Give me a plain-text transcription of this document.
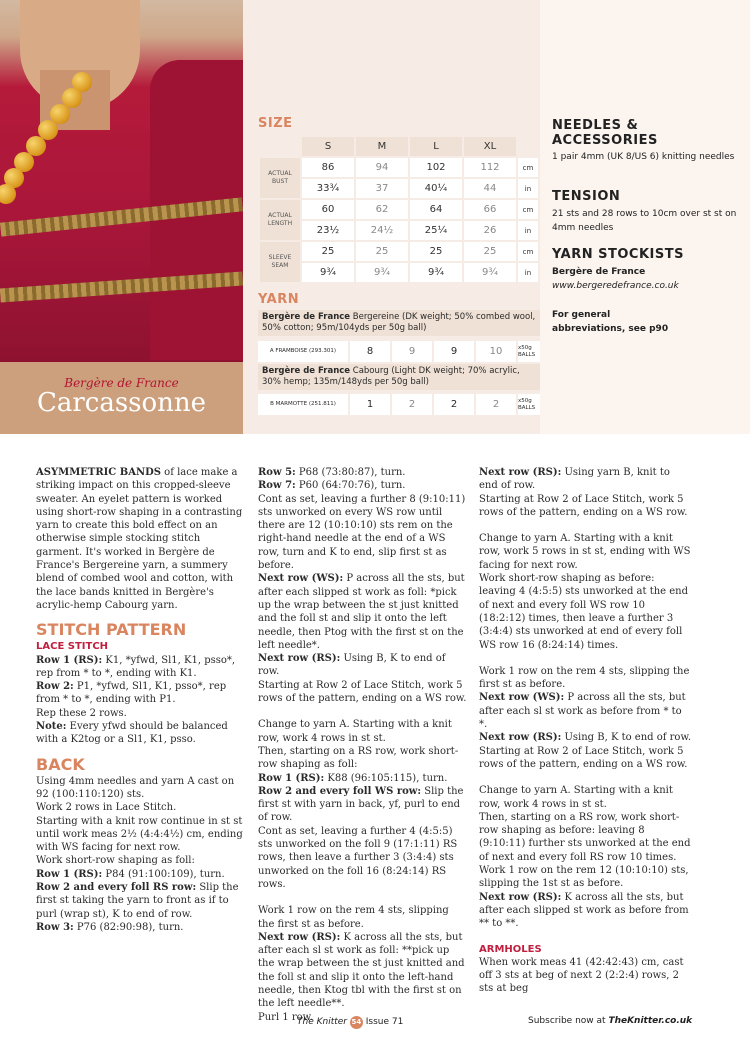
Bergère de France
Carcassonne
SIZE
	S	M	L	XL	
ACTUAL BUST	86	94	102	112	cm
	33¾	37	40¼	44	in
ACTUAL LENGTH	60	62	64	66	cm
	23½	24½	25¼	26	in
SLEEVE SEAM	25	25	25	25	cm
	9¾	9¾	9¾	9¾	in
YARN
Bergère de France Bergereine (DK weight; 50% combed wool, 50% cotton; 95m/104yds per 50g ball)
A FRAMBOISE (293.301)	8	9	9	10	x50g BALLS
Bergère de France Cabourg (Light DK weight; 70% acrylic, 30% hemp; 135m/148yds per 50g ball)
B MARMOTTE (251.811)	1	2	2	2	x50g BALLS
NEEDLES & ACCESSORIES
1 pair 4mm (UK 8/US 6) knitting needles
TENSION
21 sts and 28 rows to 10cm over st st on 4mm needles
YARN STOCKISTS
Bergère de France
www.bergeredefrance.co.uk
For general abbreviations, see p90

ASYMMETRIC BANDS of lace make a striking impact on this cropped-sleeve sweater. An eyelet pattern is worked using short-row shaping in a contrasting yarn to create this bold effect on an otherwise simple stocking stitch garment. It's worked in Bergère de France's Bergereine yarn, a summery blend of combed wool and cotton, with the lace bands knitted in Bergère's acrylic-hemp Cabourg yarn.

STITCH PATTERN
LACE STITCH

Row 1 (RS): K1, *yfwd, Sl1, K1, psso*, rep from * to *, ending with K1.

Row 2: P1, *yfwd, Sl1, K1, psso*, rep from * to *, ending with P1.

Rep these 2 rows.

Note: Every yfwd should be balanced with a K2tog or a Sl1, K1, psso.

BACK

Using 4mm needles and yarn A cast on 92 (100:110:120) sts.

Work 2 rows in Lace Stitch.

Starting with a knit row continue in st st until work meas 2½ (4:4:4½) cm, ending with WS facing for next row.

Work short-row shaping as foll:

Row 1 (RS): P84 (91:100:109), turn.

Row 2 and every foll RS row: Slip the first st taking the yarn to front as if to purl (wrap st), K to end of row.

Row 3: P76 (82:90:98), turn.

Row 5: P68 (73:80:87), turn.

Row 7: P60 (64:70:76), turn.

Cont as set, leaving a further 8 (9:10:11) sts unworked on every WS row until there are 12 (10:10:10) sts rem on the right-hand needle at the end of a WS row, turn and K to end, slip first st as before.

Next row (WS): P across all the sts, but after each slipped st work as foll: *pick up the wrap between the st just knitted and the foll st and slip it onto the left needle, then Ptog with the first st on the left needle*.

Next row (RS): Using B, K to end of row.

Starting at Row 2 of Lace Stitch, work 5 rows of the pattern, ending on a WS row.

Change to yarn A. Starting with a knit row, work 4 rows in st st.

Then, starting on a RS row, work short-row shaping as foll:

Row 1 (RS): K88 (96:105:115), turn.

Row 2 and every foll WS row: Slip the first st with yarn in back, yf, purl to end of row.

Cont as set, leaving a further 4 (4:5:5) sts unworked on the foll 9 (17:1:11) RS rows, then leave a further 3 (3:4:4) sts unworked on the foll 16 (8:24:14) RS rows.

Work 1 row on the rem 4 sts, slipping the first st as before.

Next row (RS): K across all the sts, but after each sl st work as foll: **pick up the wrap between the st just knitted and the foll st and slip it onto the left-hand needle, then Ktog tbl with the first st on the left needle**.

Purl 1 row.

Next row (RS): Using yarn B, knit to end of row.

Starting at Row 2 of Lace Stitch, work 5 rows of the pattern, ending on a WS row.

Change to yarn A. Starting with a knit row, work 5 rows in st st, ending with WS facing for next row.

Work short-row shaping as before: leaving 4 (4:5:5) sts unworked at the end of next and every foll WS row 10 (18:2:12) times, then leave a further 3 (3:4:4) sts unworked at end of every foll WS row 16 (8:24:14) times.

Work 1 row on the rem 4 sts, slipping the first st as before.

Next row (WS): P across all the sts, but after each sl st work as before from * to *.

Next row (RS): Using B, K to end of row.

Starting at Row 2 of Lace Stitch, work 5 rows of the pattern, ending on a WS row.

Change to yarn A. Starting with a knit row, work 4 rows in st st.

Then, starting on a RS row, work short-row shaping as before: leaving 8 (9:10:11) further sts unworked at the end of next and every foll RS row 10 times.

Work 1 row on the rem 12 (10:10:10) sts, slipping the 1st st as before.

Next row (RS): K across all the sts, but after each slipped st work as before from ** to **.

ARMHOLES

When work meas 41 (42:42:43) cm, cast off 3 sts at beg of next 2 (2:2:4) rows, 2 sts at beg

The Knitter 54 Issue 71	Subscribe now at TheKnitter.co.uk
